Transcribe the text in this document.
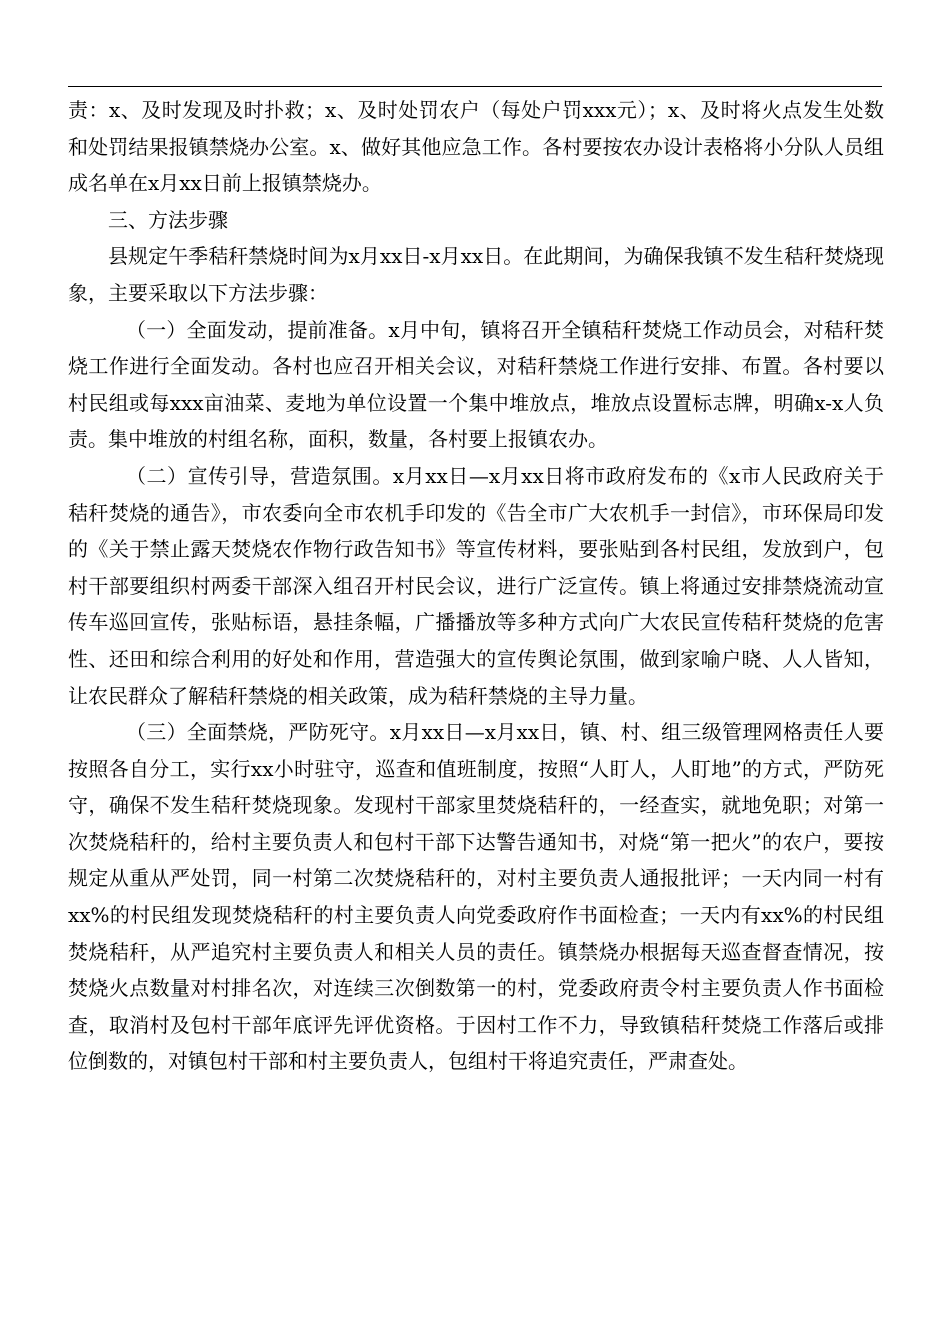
责：x、及时发现及时扑救；x、及时处罚农户（每处户罚xxx元）；x、及时将火点发生处数和处罚结果报镇禁烧办公室。x、做好其他应急工作。各村要按农办设计表格将小分队人员组成名单在x月xx日前上报镇禁烧办。

三、方法步骤

县规定午季秸秆禁烧时间为x月xx日-x月xx日。在此期间，为确保我镇不发生秸秆焚烧现象，主要采取以下方法步骤：

（一）全面发动，提前准备。x月中旬，镇将召开全镇秸秆焚烧工作动员会，对秸秆焚烧工作进行全面发动。各村也应召开相关会议，对秸秆禁烧工作进行安排、布置。各村要以村民组或每xxx亩油菜、麦地为单位设置一个集中堆放点，堆放点设置标志牌，明确x-x人负责。集中堆放的村组名称，面积，数量，各村要上报镇农办。

（二）宣传引导，营造氛围。x月xx日—x月xx日将市政府发布的《x市人民政府关于秸秆焚烧的通告》，市农委向全市农机手印发的《告全市广大农机手一封信》，市环保局印发的《关于禁止露天焚烧农作物行政告知书》等宣传材料，要张贴到各村民组，发放到户，包村干部要组织村两委干部深入组召开村民会议，进行广泛宣传。镇上将通过安排禁烧流动宣传车巡回宣传，张贴标语，悬挂条幅，广播播放等多种方式向广大农民宣传秸秆焚烧的危害性、还田和综合利用的好处和作用，营造强大的宣传舆论氛围，做到家喻户晓、人人皆知，让农民群众了解秸秆禁烧的相关政策，成为秸秆禁烧的主导力量。

（三）全面禁烧，严防死守。x月xx日—x月xx日，镇、村、组三级管理网格责任人要按照各自分工，实行xx小时驻守，巡查和值班制度，按照“人盯人，人盯地”的方式，严防死守，确保不发生秸秆焚烧现象。发现村干部家里焚烧秸秆的，一经查实，就地免职；对第一次焚烧秸秆的，给村主要负责人和包村干部下达警告通知书，对烧“第一把火”的农户，要按规定从重从严处罚，同一村第二次焚烧秸秆的，对村主要负责人通报批评；一天内同一村有xx%的村民组发现焚烧秸秆的村主要负责人向党委政府作书面检查；一天内有xx%的村民组焚烧秸秆，从严追究村主要负责人和相关人员的责任。镇禁烧办根据每天巡查督查情况，按焚烧火点数量对村排名次，对连续三次倒数第一的村，党委政府责令村主要负责人作书面检查，取消村及包村干部年底评先评优资格。于因村工作不力，导致镇秸秆焚烧工作落后或排位倒数的，对镇包村干部和村主要负责人，包组村干将追究责任，严肃查处。
